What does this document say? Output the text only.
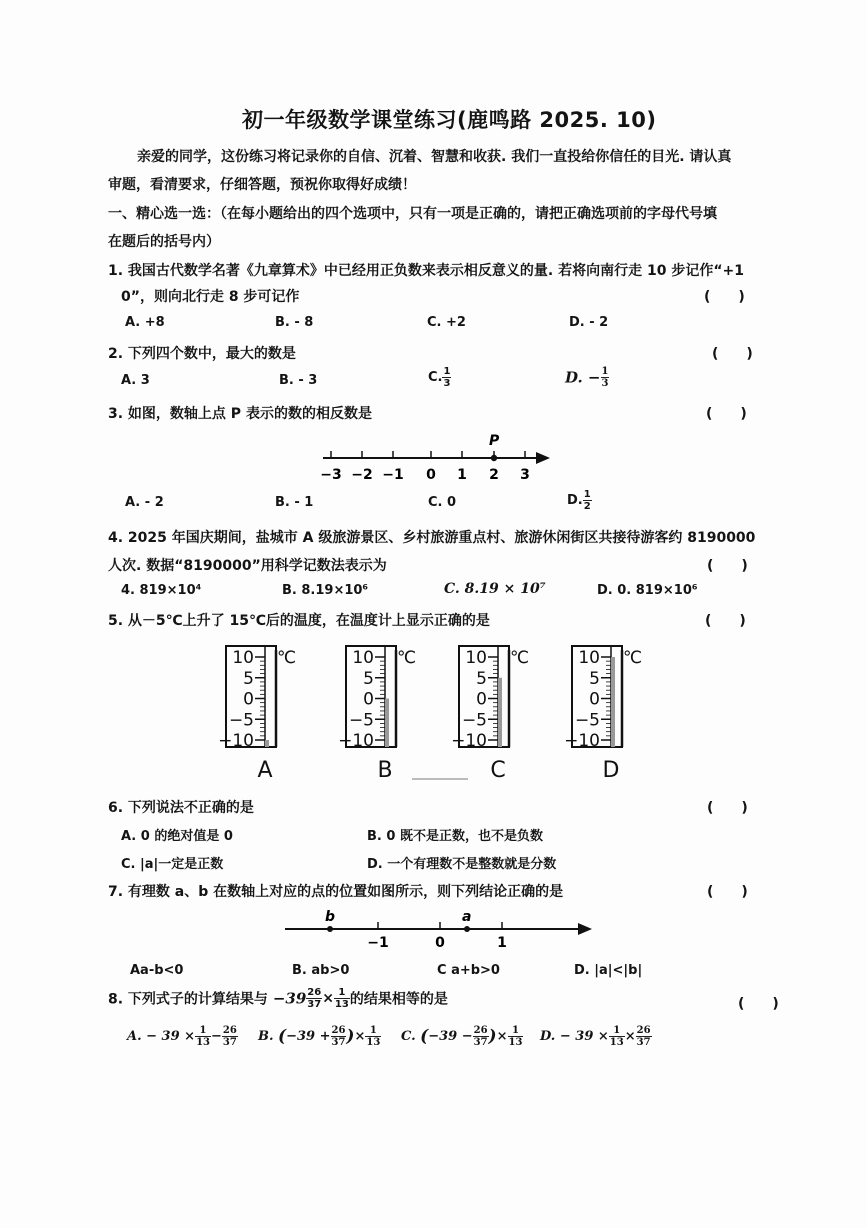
初一年级数学课堂练习(鹿鸣路 2025. 10)
亲爱的同学，这份练习将记录你的自信、沉着、智慧和收获. 我们一直投给你信任的目光. 请认真
审题，看清要求，仔细答题，预祝你取得好成绩！
一、精心选一选：（在每小题给出的四个选项中，只有一项是正确的，请把正确选项前的字母代号填
在题后的括号内）
1. 我国古代数学名著《九章算术》中已经用正负数来表示相反意义的量. 若将向南行走 10 步记作“+1
0”，则向北行走 8 步可记作	(　　)
A. +8	B. - 8	C. +2	D. - 2
2. 下列四个数中，最大的数是	(　　)
A. 3	B. - 3	C. $\frac{1}{3}$	D. − $\frac{1}{3}$
3. 如图，数轴上点 P 表示的数的相反数是	(　　)
P
−3 −2 −1 0 1 2 3
A. - 2	B. - 1	C. 0	D. $\frac{1}{2}$
4. 2025 年国庆期间，盐城市 A 级旅游景区、乡村旅游重点村、旅游休闲街区共接待游客约 8190000
人次. 数据“8190000”用科学记数法表示为	(　　)
4. 819×10⁴	B. 8.19×10⁶	C. 8.19 × 10⁷	D. 0. 819×10⁶
5. 从－5℃上升了 15℃后的温度，在温度计上显示正确的是	(　　)
10
5
0
−5
−10
℃
A
10
5
0
−5
−10
℃
B
10
5
0
−5
−10
℃
C
10
5
0
−5
−10
℃
D
6. 下列说法不正确的是	(　　)
A. 0 的绝对值是 0	B. 0 既不是正数，也不是负数
C. |a|一定是正数	D. 一个有理数不是整数就是分数
7. 有理数 a、b 在数轴上对应的点的位置如图所示，则下列结论正确的是	(　　)
b	a
−1	0	1
Aa-b<0	B. ab>0	C a+b>0	D. |a|<|b|
8. 下列式子的计算结果与 $-39 \frac{26}{37} \times \frac{1}{13}$ 的结果相等的是	(　　)
A. − $39 \times \frac{1}{13} - \frac{26}{37} B$. ($-39 + \frac{26}{37}$ )× $\frac{1}{13} C$. ($-39 - \frac{26}{37}$ )× $\frac{1}{13} D$. − $39 \times \frac{1}{13} \times \frac{26}{37}$
